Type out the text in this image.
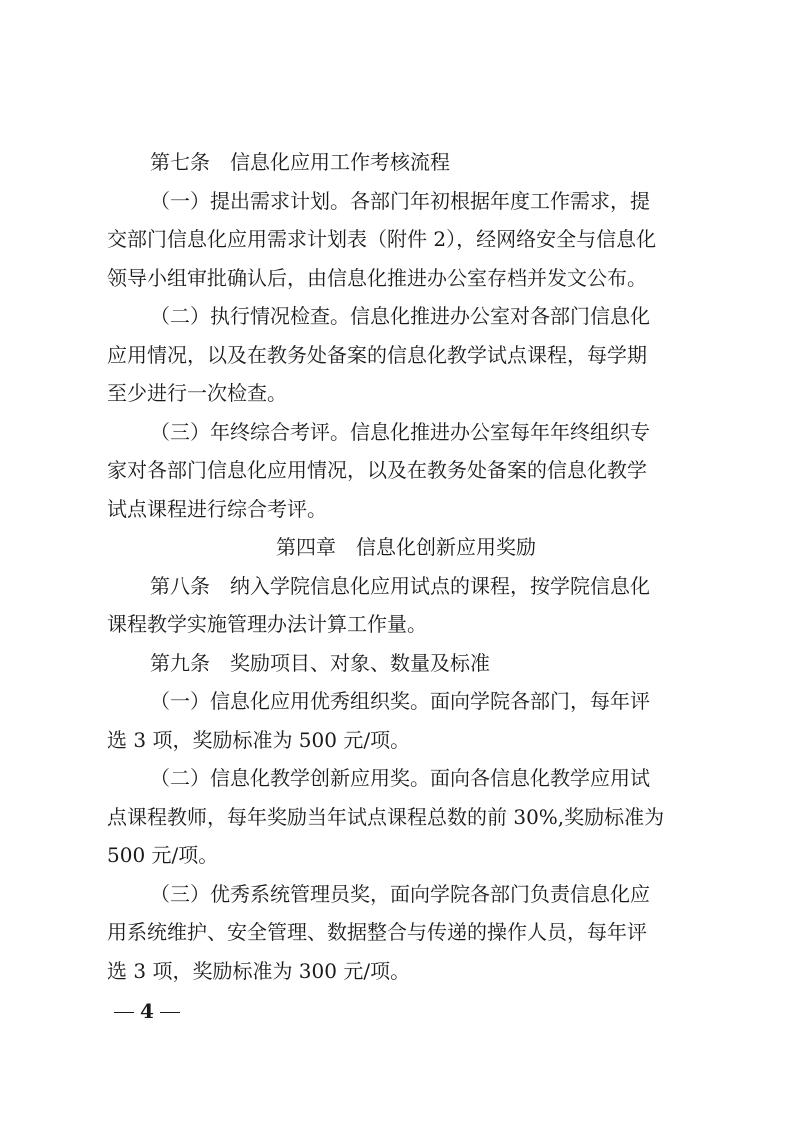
第七条　信息化应用工作考核流程
（一）提出需求计划。各部门年初根据年度工作需求，提
交部门信息化应用需求计划表（附件 2），经网络安全与信息化
领导小组审批确认后，由信息化推进办公室存档并发文公布。
（二）执行情况检查。信息化推进办公室对各部门信息化
应用情况，以及在教务处备案的信息化教学试点课程，每学期
至少进行一次检查。
（三）年终综合考评。信息化推进办公室每年年终组织专
家对各部门信息化应用情况，以及在教务处备案的信息化教学
试点课程进行综合考评。
第四章　信息化创新应用奖励
第八条　纳入学院信息化应用试点的课程，按学院信息化
课程教学实施管理办法计算工作量。
第九条　奖励项目、对象、数量及标准
（一）信息化应用优秀组织奖。面向学院各部门，每年评
选 3 项，奖励标准为 500 元/项。
（二）信息化教学创新应用奖。面向各信息化教学应用试
点课程教师，每年奖励当年试点课程总数的前 30%,奖励标准为
500 元/项。
（三）优秀系统管理员奖，面向学院各部门负责信息化应
用系统维护、安全管理、数据整合与传递的操作人员，每年评
选 3 项，奖励标准为 300 元/项。
4
